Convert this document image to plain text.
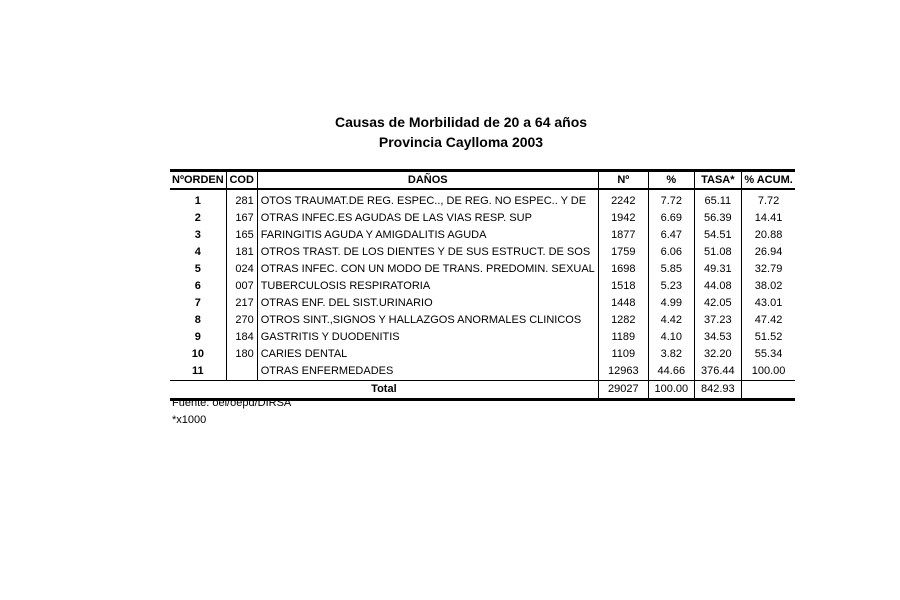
Causas de Morbilidad de 20 a 64 años
Provincia Caylloma 2003
NºORDEN	COD	DAÑOS	Nº	%	TASA*	% ACUM.
1	281	OTOS TRAUMAT.DE REG. ESPEC.., DE REG. NO ESPEC.. Y DE	2242	7.72	65.11	7.72
2	167	OTRAS INFEC.ES AGUDAS DE LAS VIAS RESP. SUP	1942	6.69	56.39	14.41
3	165	FARINGITIS AGUDA Y AMIGDALITIS AGUDA	1877	6.47	54.51	20.88
4	181	OTROS TRAST. DE LOS DIENTES Y DE SUS ESTRUCT. DE SOS	1759	6.06	51.08	26.94
5	024	OTRAS INFEC. CON UN MODO DE TRANS. PREDOMIN. SEXUAL	1698	5.85	49.31	32.79
6	007	TUBERCULOSIS RESPIRATORIA	1518	5.23	44.08	38.02
7	217	OTRAS ENF. DEL SIST.URINARIO	1448	4.99	42.05	43.01
8	270	OTROS SINT.,SIGNOS Y HALLAZGOS ANORMALES CLINICOS	1282	4.42	37.23	47.42
9	184	GASTRITIS Y DUODENITIS	1189	4.10	34.53	51.52
10	180	CARIES DENTAL	1109	3.82	32.20	55.34
11		OTRAS ENFERMEDADES	12963	44.66	376.44	100.00
Total			29027	100.00	842.93	
Fuente: oei/oepd/DIRSA
*x1000
